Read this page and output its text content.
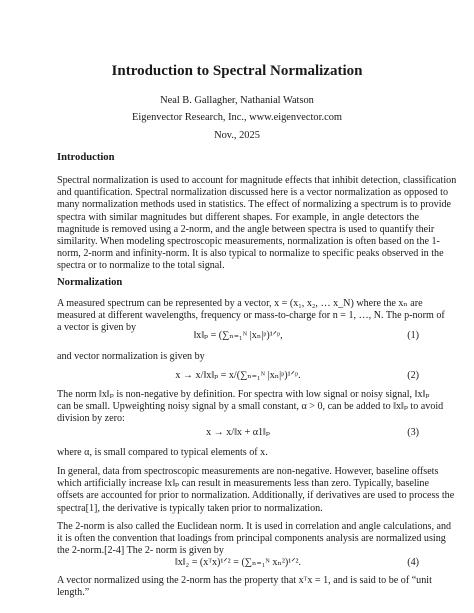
Introduction to Spectral Normalization
Neal B. Gallagher, Nathanial Watson
Eigenvector Research, Inc., www.eigenvector.com
Nov., 2025
Introduction
Spectral normalization is used to account for magnitude effects that inhibit detection, classification
and quantification. Spectral normalization discussed here is a vector normalization as opposed to
many normalization methods used in statistics. The effect of normalizing a spectrum is to provide
spectra with similar magnitudes but different shapes. For example, in angle detectors the
magnitude is removed using a 2-norm, and the angle between spectra is used to quantify their
similarity. When modeling spectroscopic measurements, normalization is often based on the 1-
norm, 2-norm and infinity-norm. It is also typical to normalize to specific peaks observed in the
spectra or to normalize to the total signal.
Normalization
A measured spectrum can be represented by a vector, x = (x₁, x₂, … x_N) where the xₙ are
measured at different wavelengths, frequency or mass-to-charge for n = 1, …, N. The p-norm of
a vector is given by
‖x‖ₚ = (∑ₙ₌₁ᴺ |xₙ|ᵖ)¹ᐟᵖ,	(1)
and vector normalization is given by
x → x/‖x‖ₚ = x/(∑ₙ₌₁ᴺ |xₙ|ᵖ)¹ᐟᵖ.	(2)
The norm ‖x‖ₚ is non-negative by definition. For spectra with low signal or noisy signal, ‖x‖ₚ
can be small. Upweighting noisy signal by a small constant, α > 0, can be added to ‖x‖ₚ to avoid
division by zero:
x → x/‖x + α1‖ₚ	(3)
where α, is small compared to typical elements of x.
In general, data from spectroscopic measurements are non-negative. However, baseline offsets
which artificially increase ‖x‖ₚ can result in measurements less than zero. Typically, baseline
offsets are accounted for prior to normalization. Additionally, if derivatives are used to process the
spectra[1], the derivative is typically taken prior to normalization.
The 2-norm is also called the Euclidean norm. It is used in correlation and angle calculations, and
it is often the convention that loadings from principal components analysis are normalized using
the 2-norm.[2-4] The 2- norm is given by
‖x‖₂ = (xᵀx)¹ᐟ² = (∑ₙ₌₁ᴺ xₙ²)¹ᐟ².	(4)
A vector normalized using the 2-norm has the property that xᵀx = 1, and is said to be of “unit
length.”
